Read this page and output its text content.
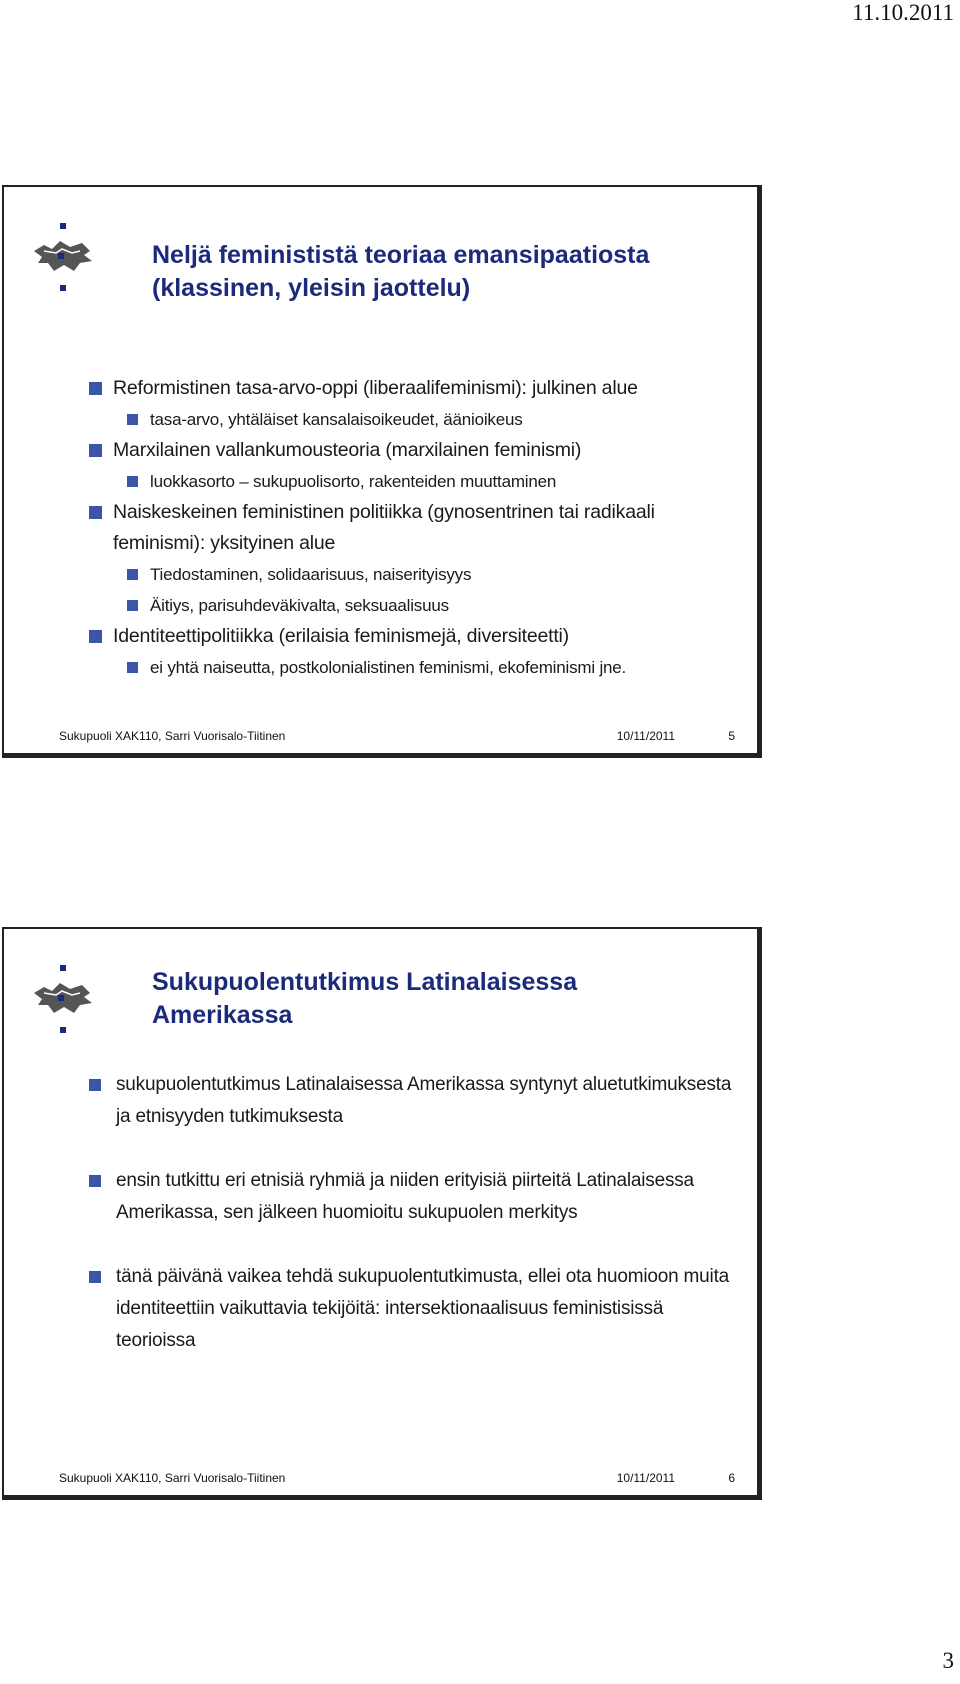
11.10.2011
Neljä feminististä teoriaa emansipaatiosta
(klassinen, yleisin jaottelu)
Reformistinen tasa-arvo-oppi (liberaalifeminismi): julkinen alue
tasa-arvo, yhtäläiset kansalaisoikeudet, äänioikeus
Marxilainen vallankumousteoria (marxilainen feminismi)
luokkasorto – sukupuolisorto, rakenteiden muuttaminen
Naiskeskeinen feministinen politiikka (gynosentrinen tai radikaali feminismi): yksityinen alue
Tiedostaminen, solidaarisuus, naiserityisyys
Äitiys, parisuhdeväkivalta, seksuaalisuus
Identiteettipolitiikka (erilaisia feminismejä, diversiteetti)
ei yhtä naiseutta, postkolonialistinen feminismi, ekofeminismi jne.
Sukupuoli XAK110, Sarri Vuorisalo-Tiitinen	10/11/2011	5
Sukupuolentutkimus Latinalaisessa
Amerikassa
sukupuolentutkimus Latinalaisessa Amerikassa syntynyt aluetutkimuksesta ja etnisyyden tutkimuksesta
ensin tutkittu eri etnisiä ryhmiä ja niiden erityisiä piirteitä Latinalaisessa Amerikassa, sen jälkeen huomioitu sukupuolen merkitys
tänä päivänä vaikea tehdä sukupuolentutkimusta, ellei ota huomioon muita identiteettiin vaikuttavia tekijöitä: intersektionaalisuus feministisissä teorioissa
Sukupuoli XAK110, Sarri Vuorisalo-Tiitinen	10/11/2011	6
3
